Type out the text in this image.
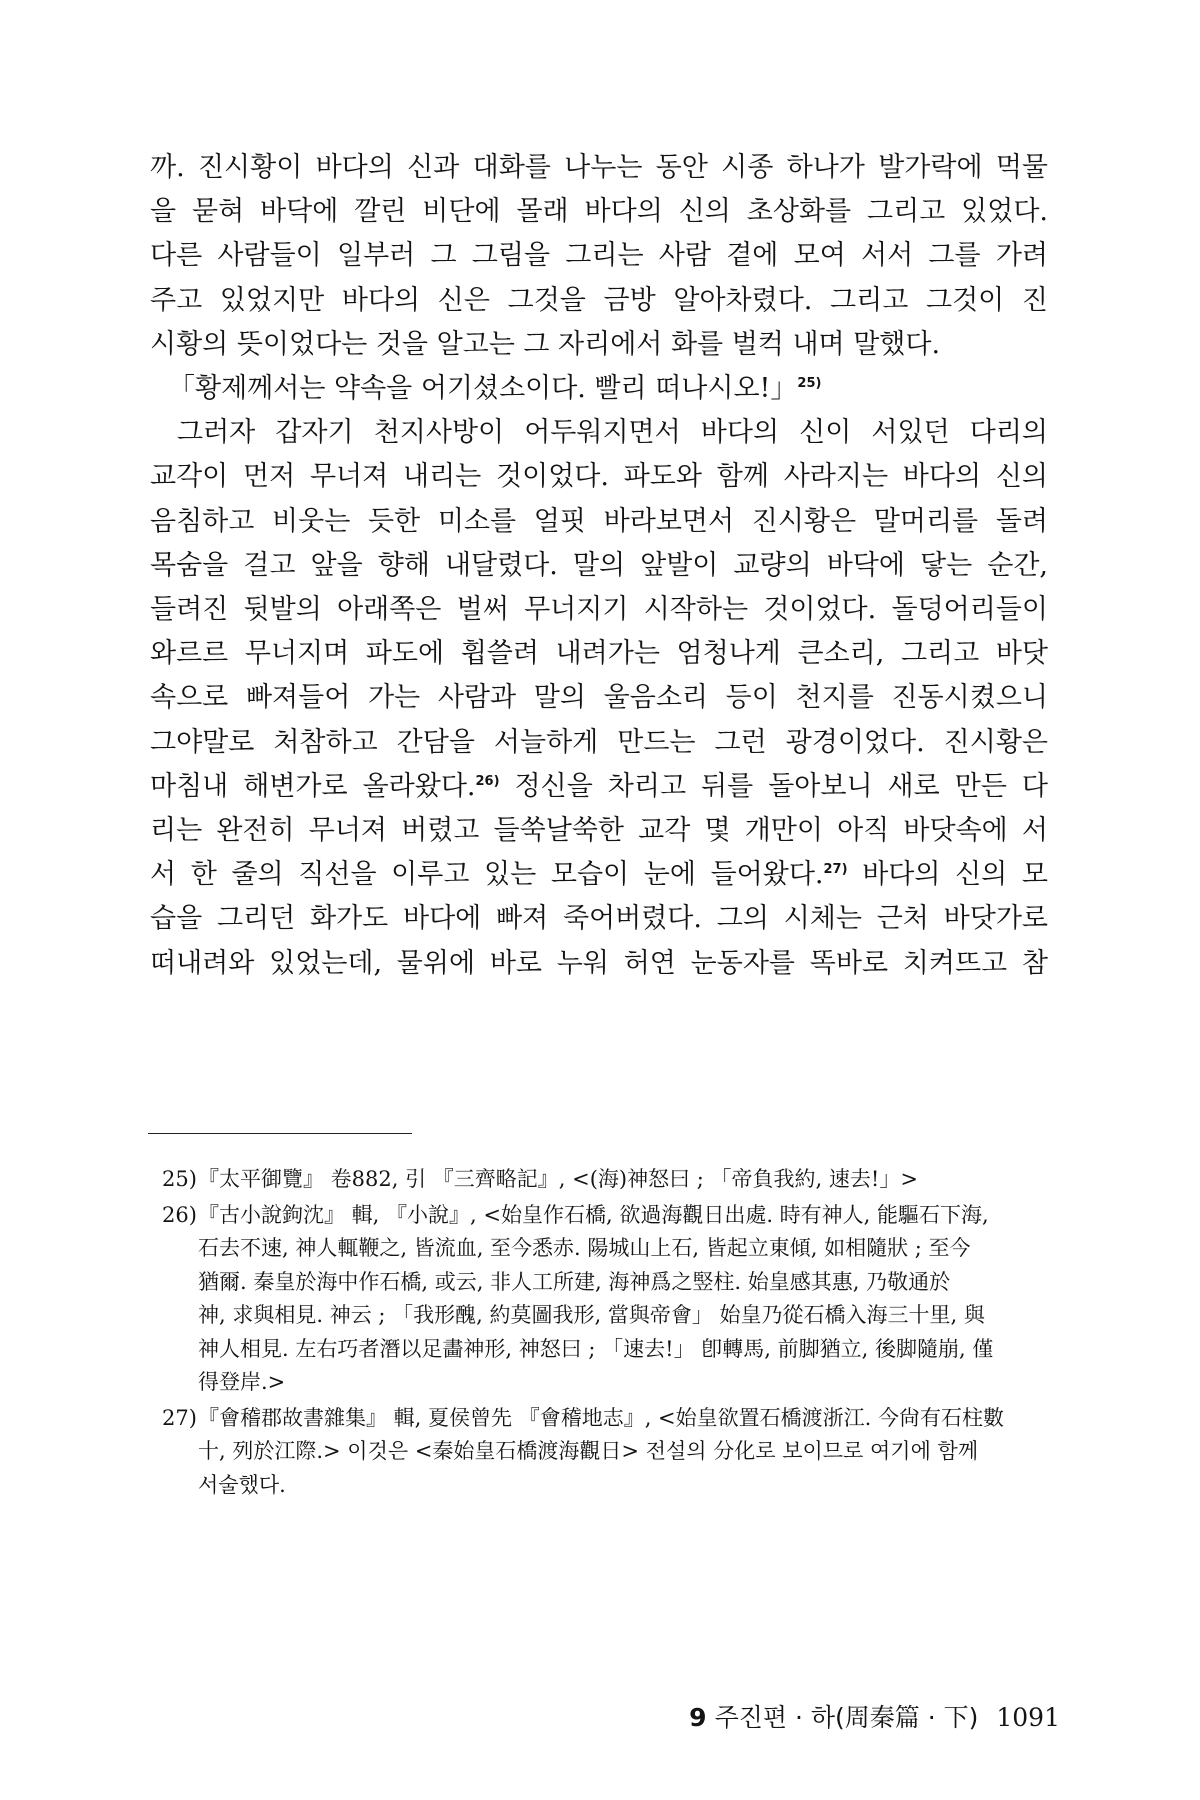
까. 진시황이 바다의 신과 대화를 나누는 동안 시종 하나가 발가락에 먹물
을 묻혀 바닥에 깔린 비단에 몰래 바다의 신의 초상화를 그리고 있었다.
다른 사람들이 일부러 그 그림을 그리는 사람 곁에 모여 서서 그를 가려
주고 있었지만 바다의 신은 그것을 금방 알아차렸다. 그리고 그것이 진
시황의 뜻이었다는 것을 알고는 그 자리에서 화를 벌컥 내며 말했다.

「황제께서는 약속을 어기셨소이다. 빨리 떠나시오!」$^{25)}$

그러자 갑자기 천지사방이 어두워지면서 바다의 신이 서있던 다리의

교각이 먼저 무너져 내리는 것이었다. 파도와 함께 사라지는 바다의 신의
음침하고 비웃는 듯한 미소를 얼핏 바라보면서 진시황은 말머리를 돌려
목숨을 걸고 앞을 향해 내달렸다. 말의 앞발이 교량의 바닥에 닿는 순간,
들려진 뒷발의 아래쪽은 벌써 무너지기 시작하는 것이었다. 돌덩어리들이
와르르 무너지며 파도에 휩쓸려 내려가는 엄청나게 큰소리, 그리고 바닷
속으로 빠져들어 가는 사람과 말의 울음소리 등이 천지를 진동시켰으니
그야말로 처참하고 간담을 서늘하게 만드는 그런 광경이었다. 진시황은
마침내 해변가로 올라왔다.$^{26)}$ 정신을 차리고 뒤를 돌아보니 새로 만든 다
리는 완전히 무너져 버렸고 들쑥날쑥한 교각 몇 개만이 아직 바닷속에 서
서 한 줄의 직선을 이루고 있는 모습이 눈에 들어왔다.$^{27)}$ 바다의 신의 모
습을 그리던 화가도 바다에 빠져 죽어버렸다. 그의 시체는 근처 바닷가로
떠내려와 있었는데, 물위에 바로 누워 허연 눈동자를 똑바로 치켜뜨고 참

25) 『太平御覽』 卷882, 引 『三齊略記』, <(海)神怒曰 ; 「帝負我約, 速去!」>
26) 『古小說鉤沈』 輯, 『小說』, <始皇作石橋, 欲過海觀日出處. 時有神人, 能驅石下海,
石去不速, 神人輒鞭之, 皆流血, 至今悉赤. 陽城山上石, 皆起立東傾, 如相隨狀 ; 至今
猶爾. 秦皇於海中作石橋, 或云, 非人工所建, 海神爲之竪柱. 始皇感其惠, 乃敬通於
神, 求與相見. 神云 ; 「我形醜, 約莫圖我形, 當與帝會」 始皇乃從石橋入海三十里, 與
神人相見. 左右巧者潛以足畵神形, 神怒曰 ; 「速去!」 卽轉馬, 前脚猶立, 後脚隨崩, 僅
得登岸.>
27) 『會稽郡故書雜集』 輯, 夏侯曾先 『會稽地志』, <始皇欲置石橋渡浙江. 今尙有石柱數
十, 列於江際.> 이것은 <秦始皇石橋渡海觀日> 전설의 分化로 보이므로 여기에 함께
서술했다.
9 주진편 · 하(周秦篇 · 下) 1091
